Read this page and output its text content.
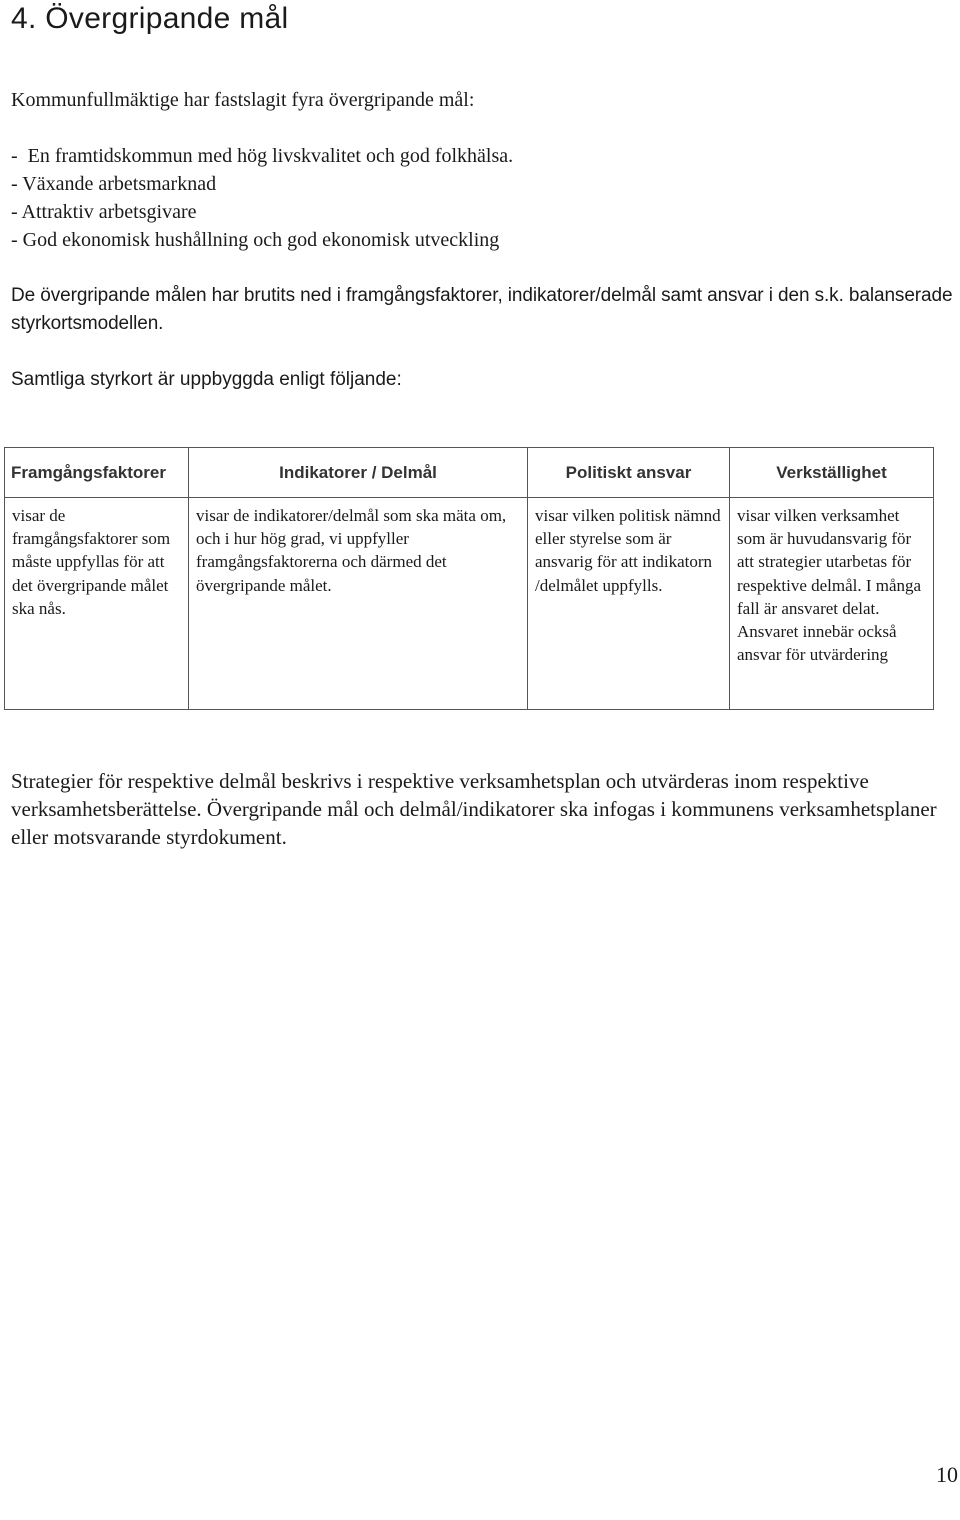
4. Övergripande mål

Kommunfullmäktige har fastslagit fyra övergripande mål:

-  En framtidskommun med hög livskvalitet och god folkhälsa.
- Växande arbetsmarknad
- Attraktiv arbetsgivare
- God ekonomisk hushållning och god ekonomisk utveckling

De övergripande målen har brutits ned i framgångsfaktorer, indikatorer/delmål samt ansvar i den s.k. balanserade styrkortsmodellen.

Samtliga styrkort är uppbyggda enligt följande:

Framgångsfaktorer	Indikatorer / Delmål	Politiskt ansvar	Verkställighet
visar de framgångsfaktorer som måste uppfyllas för att det övergripande målet ska nås.	visar de indikatorer/delmål som ska mäta om, och i hur hög grad, vi uppfyller framgångsfaktorerna och därmed det övergripande målet.	visar vilken politisk nämnd eller styrelse som är ansvarig för att indikatorn /delmålet uppfylls.	visar vilken verksamhet som är huvudansvarig för att strategier utarbetas för respektive delmål. I många fall är ansvaret delat. Ansvaret innebär också ansvar för utvärdering

Strategier för respektive delmål beskrivs i respektive verksamhetsplan och utvärderas inom respektive verksamhetsberättelse. Övergripande mål och delmål/indikatorer ska infogas i kommunens verksamhetsplaner eller motsvarande styrdokument.

10
